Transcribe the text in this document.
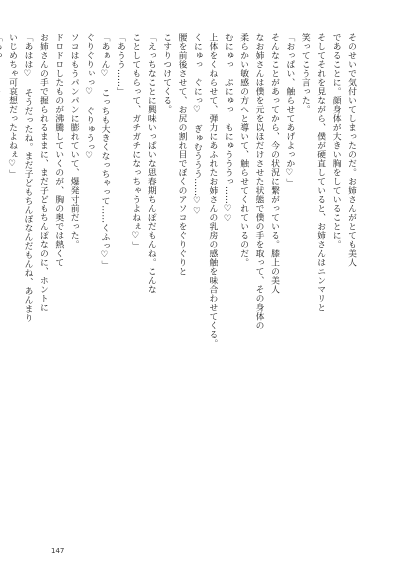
そのせいで気付いてしまったのだ。お姉さんがとても美人

であることに。顔身体が大きい胸をしていることに。

そしてそれを見ながら、僕が硬直していると、お姉さんはニンマリと

笑ってこう言った。

「おっぱい、触らせてあげよっか♡」

そんなことがあってから、今の状況に繋がっている。膝上の美人

なお姉さんは僕を元を以ほだけさせた状態で僕の手を取って、その身体の

柔らかい敏感の方へと導いて、触らせてくれているのだ。

むにゅっ　ぷにゅっ　もにゅうううっ……♡♡

上体をくねらせて、弾力にあふれたお姉さんの乳房の感触を味合わせてくる。

くにゅっ　ぐにっ♡　ぎゅむううう……♡♡

腰を前後させて、お尻の割れ目でぼくのアソコをぐりぐりと

こすりつけてくる。

「えっちなことに興味いっぱいな思春期ちんぽだもんね。こんな

ことしてもらって、ガチガチになっちゃうよねぇ♡」

「あうう……」

「あぁん♡　こっちも大きくなっちゃって……くふっ♡」

ぐりぐりぃっ♡　ぐりゅうっ♡

ソコはもうパンパンに膨れていて、爆発寸前だった。

ドロドロしたものが沸騰していくのが、胸の奥では熱くて

お姉さんの手で握られるままに、まだ子どもちんぽなのに、ホントに

「あはは♡　そうだったね。まだ子どもちんぽなんだもんね、あんまり

いじめちゃ可哀想だったよねぇ♡」

147
